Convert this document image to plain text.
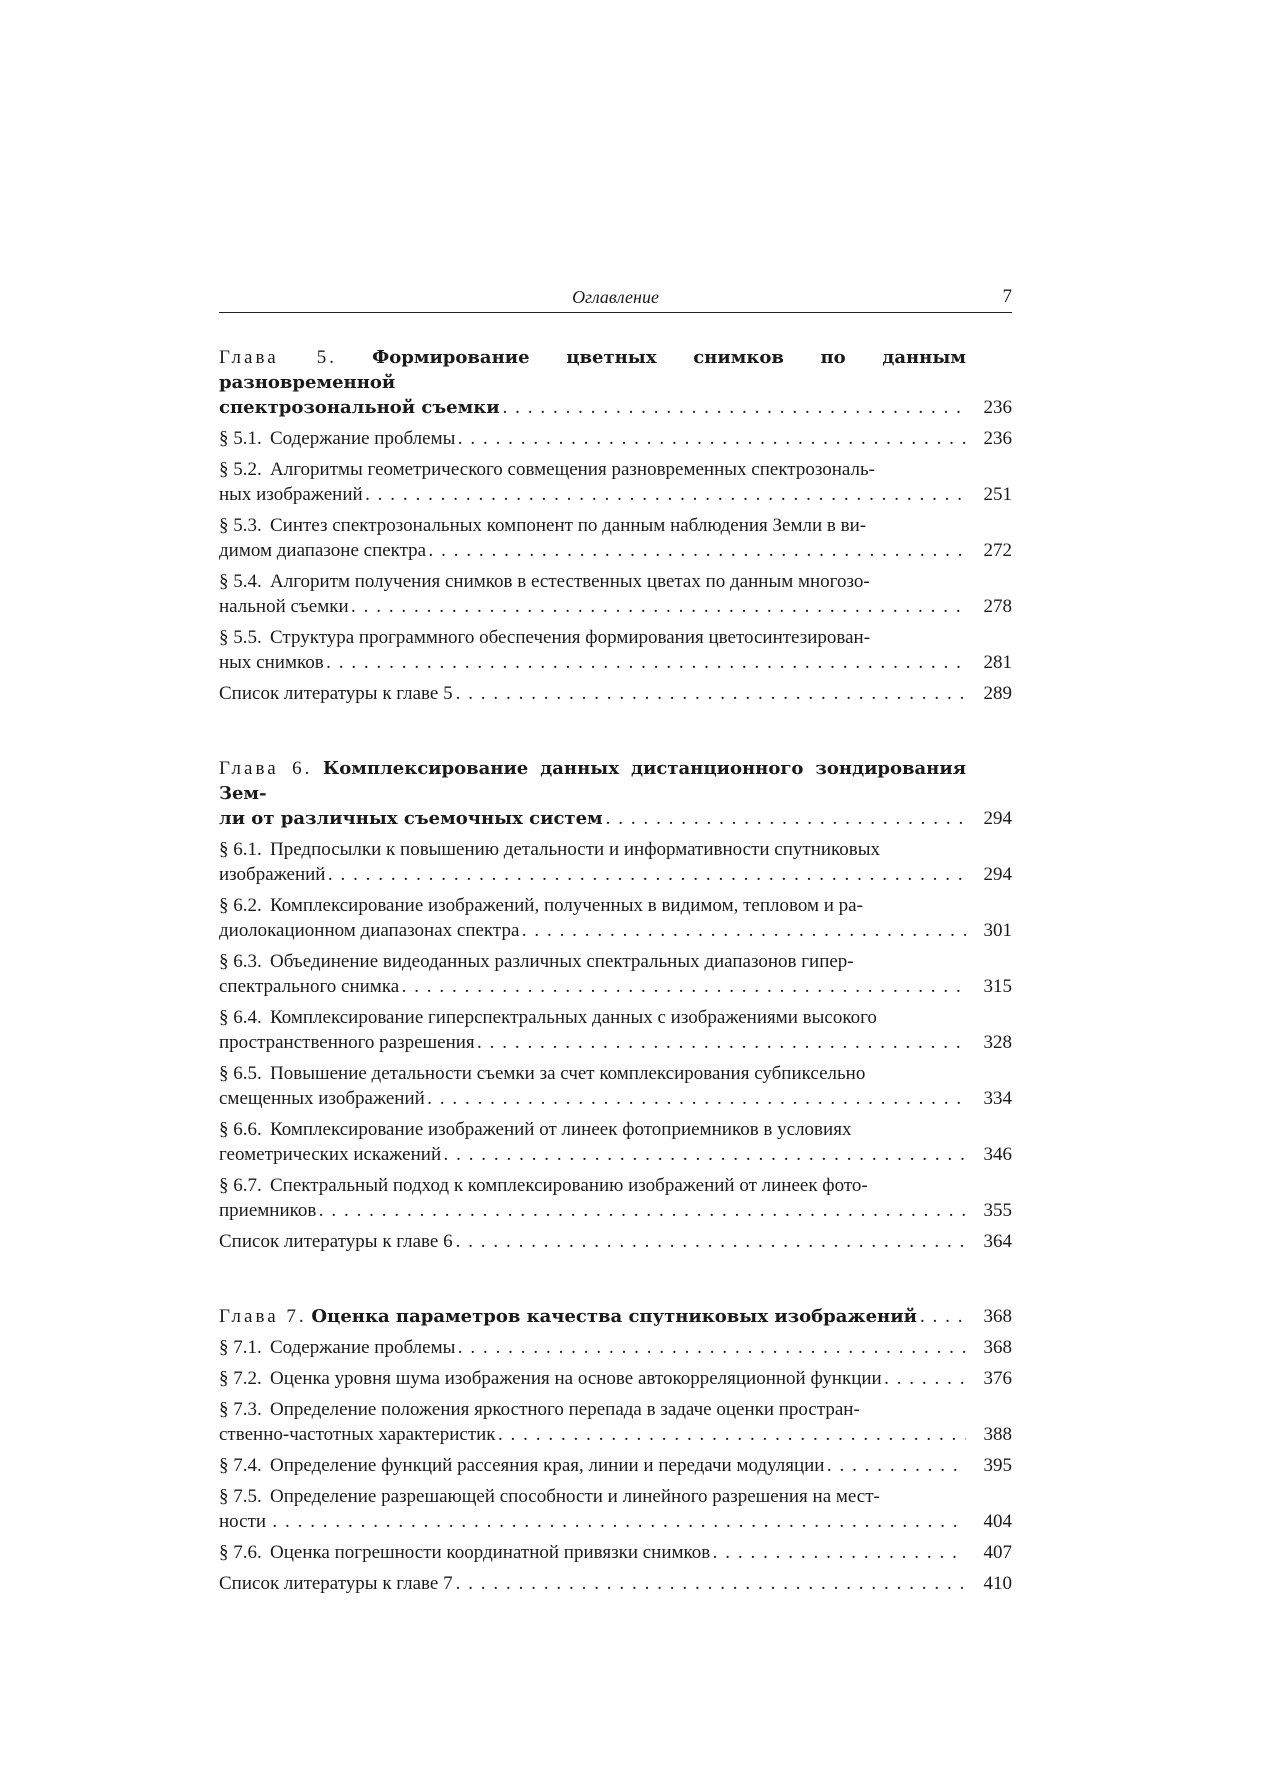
Оглавление	7
Глава 5. Формирование цветных снимков по данным разновременной
спектрозональной съемки . . .	236
§ 5.1. Содержание проблемы . . .	236
§ 5.2. Алгоритмы геометрического совмещения разновременных спектрозональ-
ных изображений . . .	251
§ 5.3. Синтез спектрозональных компонент по данным наблюдения Земли в ви-
димом диапазоне спектра . . .	272
§ 5.4. Алгоритм получения снимков в естественных цветах по данным многозо-
нальной съемки . . .	278
§ 5.5. Структура программного обеспечения формирования цветосинтезирован-
ных снимков . . .	281
Список литературы к главе 5 . . .	289
Глава 6. Комплексирование данных дистанционного зондирования Зем-
ли от различных съемочных систем . . .	294
§ 6.1. Предпосылки к повышению детальности и информативности спутниковых
изображений . . .	294
§ 6.2. Комплексирование изображений, полученных в видимом, тепловом и ра-
диолокационном диапазонах спектра . . .	301
§ 6.3. Объединение видеоданных различных спектральных диапазонов гипер-
спектрального снимка . . .	315
§ 6.4. Комплексирование гиперспектральных данных с изображениями высокого
пространственного разрешения . . .	328
§ 6.5. Повышение детальности съемки за счет комплексирования субпиксельно
смещенных изображений . . .	334
§ 6.6. Комплексирование изображений от линеек фотоприемников в условиях
геометрических искажений . . .	346
§ 6.7. Спектральный подход к комплексированию изображений от линеек фото-
приемников . . .	355
Список литературы к главе 6 . . .	364
Глава 7. Оценка параметров качества спутниковых изображений . . .	368
§ 7.1. Содержание проблемы . . .	368
§ 7.2. Оценка уровня шума изображения на основе автокорреляционной функции . . .	376
§ 7.3. Определение положения яркостного перепада в задаче оценки простран-
ственно-частотных характеристик . . .	388
§ 7.4. Определение функций рассеяния края, линии и передачи модуляции . . .	395
§ 7.5. Определение разрешающей способности и линейного разрешения на мест-
ности . . .	404
§ 7.6. Оценка погрешности координатной привязки снимков . . .	407
Список литературы к главе 7 . . .	410
